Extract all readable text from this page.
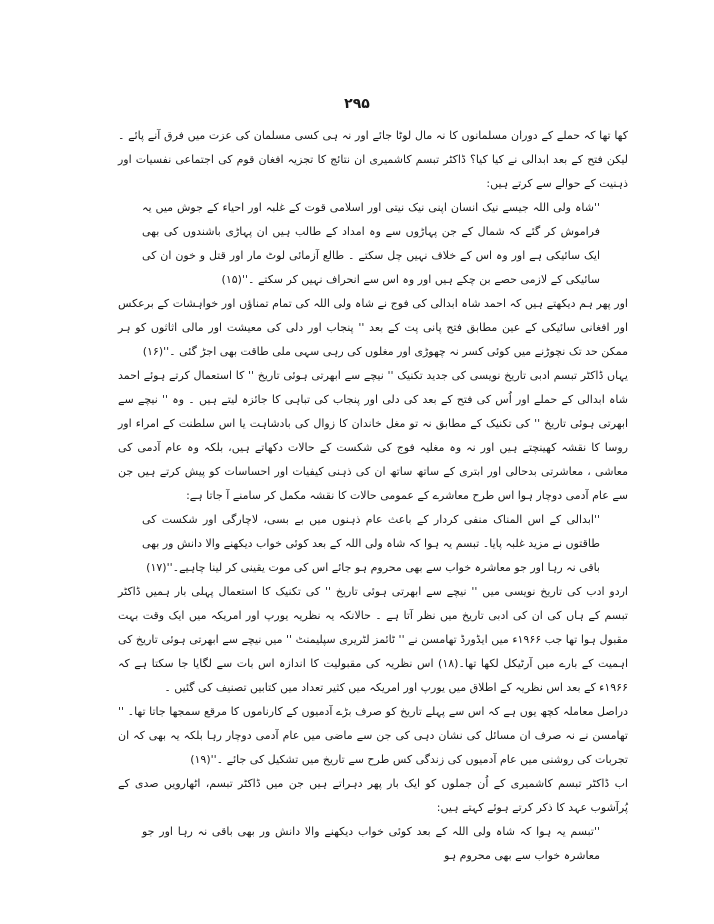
۲۹۵

کھا تھا کہ حملے کے دوران مسلمانوں کا نہ مال لوٹا جائے اور نہ ہی کسی مسلمان کی عزت میں فرق آنے پائے ۔ لیکن فتح کے بعد ابدالی نے کیا کیا؟ ڈاکٹر تبسم کاشمیری ان نتائج کا تجزیہ افغان قوم کی اجتماعی نفسیات اور ذہنیت کے حوالے سے کرتے ہیں:

''شاہ ولی اللہ جیسے نیک انسان اپنی نیک نیتی اور اسلامی قوت کے غلبہ اور احیاء کے جوش میں یہ فراموش کر گئے کہ شمال کے جن پہاڑوں سے وہ امداد کے طالب ہیں ان پہاڑی باشندوں کی بھی ایک سائیکی ہے اور وہ اس کے خلاف نہیں چل سکتے ۔ طالع آزمائی لوٹ مار اور قتل و خون ان کی سائیکی کے لازمی حصے بن چکے ہیں اور وہ اس سے انحراف نہیں کر سکتے ۔''(۱۵)

اور پھر ہم دیکھتے ہیں کہ احمد شاہ ابدالی کی فوج نے شاہ ولی اللہ کی تمام تمناؤں اور خواہشات کے برعکس اور افغانی سائیکی کے عین مطابق فتح پانی پت کے بعد '' پنجاب اور دلی کی معیشت اور مالی اثاثوں کو ہر ممکن حد تک نچوڑنے میں کوئی کسر نہ چھوڑی اور مغلوں کی رہی سہی ملی طاقت بھی اجڑ گئی ۔''(۱۶)

یہاں ڈاکٹر تبسم ادبی تاریخ نویسی کی جدید تکنیک '' نیچے سے ابھرتی ہوئی تاریخ '' کا استعمال کرتے ہوئے احمد شاہ ابدالی کے حملے اور اُس کی فتح کے بعد کی دلی اور پنجاب کی تباہی کا جائزہ لیتے ہیں ۔ وہ '' نیچے سے ابھرتی ہوئی تاریخ '' کی تکنیک کے مطابق نہ تو مغل خاندان کا زوال کی بادشاہت یا اس سلطنت کے امراء اور روسا کا نقشہ کھینچتے ہیں اور نہ وہ مغلیہ فوج کی شکست کے حالات دکھاتے ہیں، بلکہ وہ عام آدمی کی معاشی ، معاشرتی بدحالی اور ابتری کے ساتھ ساتھ ان کی ذہنی کیفیات اور احساسات کو پیش کرتے ہیں جن سے عام آدمی دوچار ہوا اس طرح معاشرے کے عمومی حالات کا نقشہ مکمل کر سامنے آ جاتا ہے:

''ابدالی کے اس المناک منفی کردار کے باعث عام ذہنوں میں بے بسی، لاچارگی اور شکست کی طاقتوں نے مزید غلبہ پایا۔ تبسم یہ ہوا کہ شاہ ولی اللہ کے بعد کوئی خواب دیکھنے والا دانش ور بھی باقی نہ رہا اور جو معاشرہ خواب سے بھی محروم ہو جائے اس کی موت یقینی کر لینا چاہیے۔''(۱۷)

اردو ادب کی تاریخ نویسی میں '' نیچے سے ابھرتی ہوئی تاریخ '' کی تکنیک کا استعمال پہلی بار ہمیں ڈاکٹر تبسم کے ہاں کی ان کی ادبی تاریخ میں نظر آتا ہے ۔ حالانکہ یہ نظریہ یورپ اور امریکہ میں ایک وقت بہت مقبول ہوا تھا جب ۱۹۶۶ء میں ایڈورڈ تھامسن نے '' ٹائمز لٹریری سپلیمنٹ '' میں نیچے سے ابھرتی ہوئی تاریخ کی اہمیت کے بارے میں آرٹیکل لکھا تھا۔(۱۸) اس نظریہ کی مقبولیت کا اندازہ اس بات سے لگایا جا سکتا ہے کہ ۱۹۶۶ء کے بعد اس نظریہ کے اطلاق میں یورپ اور امریکہ میں کثیر تعداد میں کتابیں تصنیف کی گئیں ۔

دراصل معاملہ کچھ یوں ہے کہ اس سے پہلے تاریخ کو صرف بڑے آدمیوں کے کارناموں کا مرقع سمجھا جاتا تھا۔ '' تھامسن نے نہ صرف ان مسائل کی نشان دہی کی جن سے ماضی میں عام آدمی دوچار رہا بلکہ یہ بھی کہ ان تجربات کی روشنی میں عام آدمیوں کی زندگی کس طرح سے تاریخ میں تشکیل کی جائے ۔''(۱۹)

اب ڈاکٹر تبسم کاشمیری کے اُن جملوں کو ایک بار پھر دہراتے ہیں جن میں ڈاکٹر تبسم، اٹھارویں صدی کے پُرآشوب عہد کا ذکر کرتے ہوئے کہتے ہیں:

''تبسم یہ ہوا کہ شاہ ولی اللہ کے بعد کوئی خواب دیکھنے والا دانش ور بھی باقی نہ رہا اور جو معاشرہ خواب سے بھی محروم ہو
